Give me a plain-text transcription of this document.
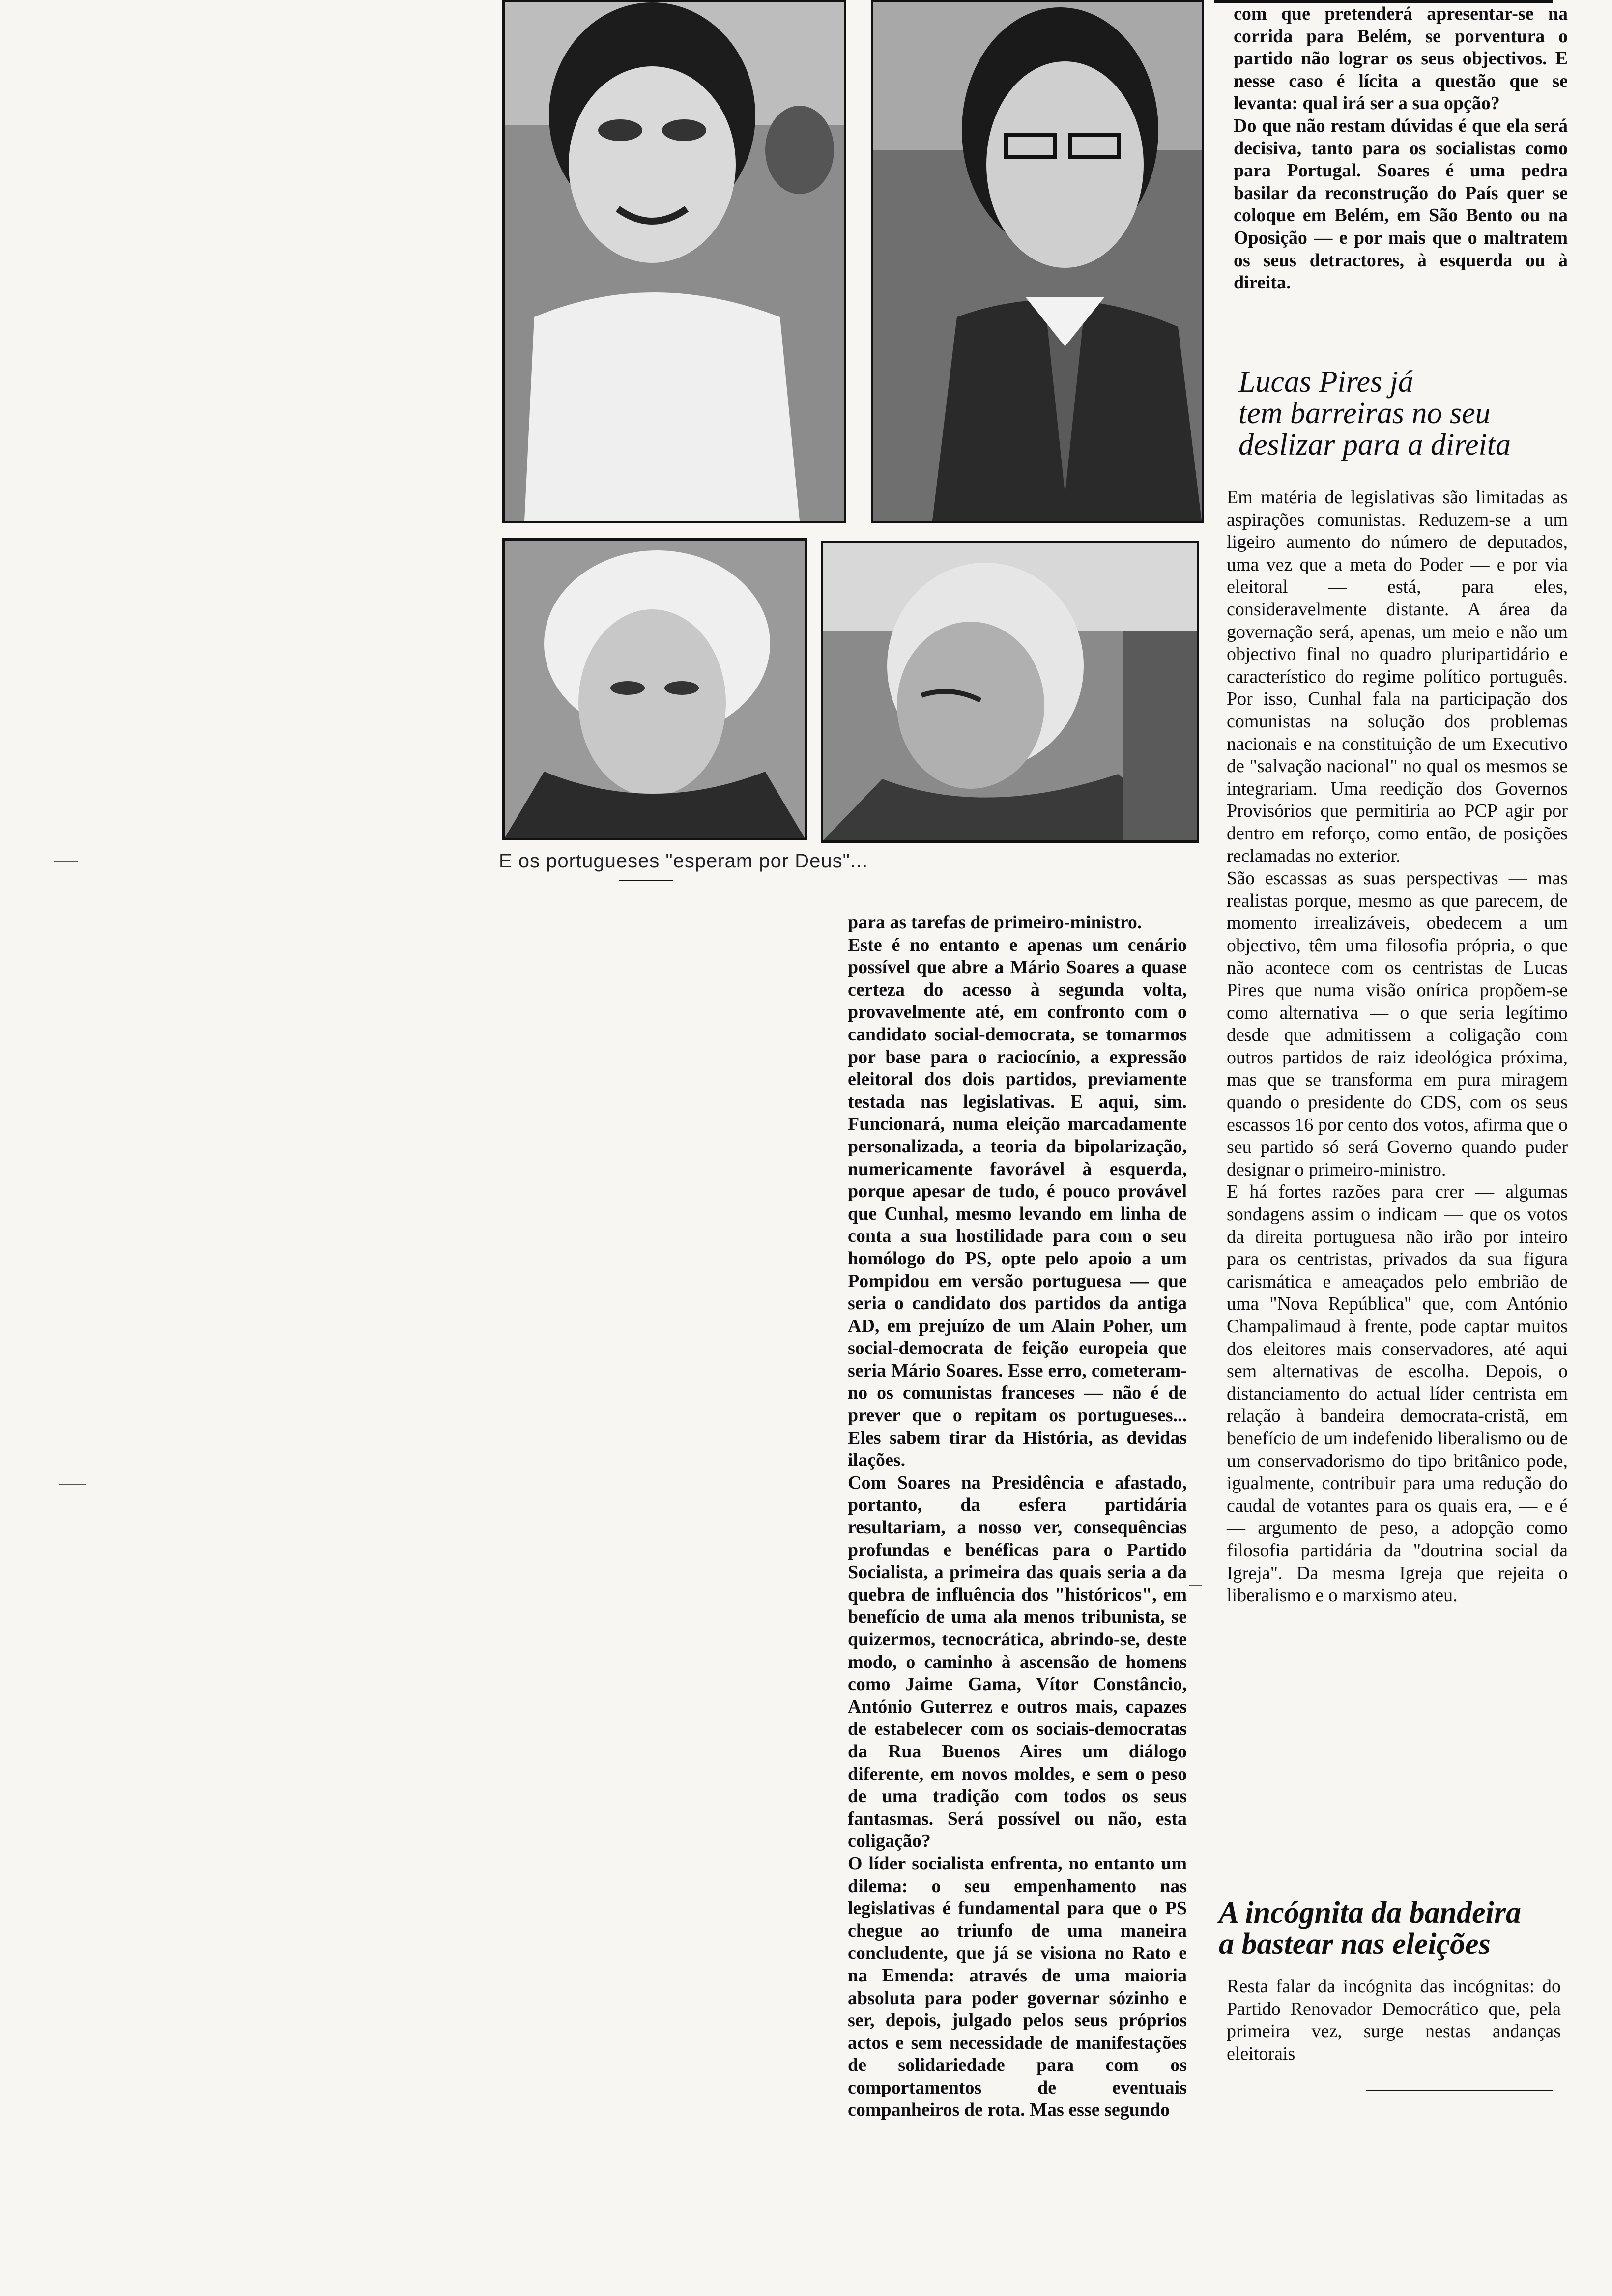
E os portugueses "esperam por Deus"...

com que pretenderá apresentar-se na corrida para Belém, se porventura o partido não lograr os seus objectivos. E nesse caso é lícita a questão que se levanta: qual irá ser a sua opção?
Do que não restam dúvidas é que ela será decisiva, tanto para os socialistas como para Portugal. Soares é uma pedra basilar da reconstrução do País quer se coloque em Belém, em São Bento ou na Oposição — e por mais que o maltratem os seus detractores, à esquerda ou à direita.

Lucas Pires já
tem barreiras no seu
deslizar para a direita

Em matéria de legislativas são limitadas as aspirações comunistas. Reduzem-se a um ligeiro aumento do número de deputados, uma vez que a meta do Poder — e por via eleitoral — está, para eles, consideravelmente distante. A área da governação será, apenas, um meio e não um objectivo final no quadro pluripartidário e característico do regime político português. Por isso, Cunhal fala na participação dos comunistas na solução dos problemas nacionais e na constituição de um Executivo de "salvação nacional" no qual os mesmos se integrariam. Uma reedição dos Governos Provisórios que permitiria ao PCP agir por dentro em reforço, como então, de posições reclamadas no exterior.
São escassas as suas perspectivas — mas realistas porque, mesmo as que parecem, de momento irrealizáveis, obedecem a um objectivo, têm uma filosofia própria, o que não acontece com os centristas de Lucas Pires que numa visão onírica propõem-se como alternativa — o que seria legítimo desde que admitissem a coligação com outros partidos de raiz ideológica próxima, mas que se transforma em pura miragem quando o presidente do CDS, com os seus escassos 16 por cento dos votos, afirma que o seu partido só será Governo quando puder designar o primeiro-ministro.
E há fortes razões para crer — algumas sondagens assim o indicam — que os votos da direita portuguesa não irão por inteiro para os centristas, privados da sua figura carismática e ameaçados pelo embrião de uma "Nova República" que, com António Champalimaud à frente, pode captar muitos dos eleitores mais conservadores, até aqui sem alternativas de escolha. Depois, o distanciamento do actual líder centrista em relação à bandeira democrata-cristã, em benefício de um indefenido liberalismo ou de um conservadorismo do tipo britânico pode, igualmente, contribuir para uma redução do caudal de votantes para os quais era, — e é — argumento de peso, a adopção como filosofia partidária da "doutrina social da Igreja". Da mesma Igreja que rejeita o liberalismo e o marxismo ateu.

A incógnita da bandeira
a bastear nas eleições

Resta falar da incógnita das incógnitas: do Partido Renovador Democrático que, pela primeira vez, surge nestas andanças eleitorais

para as tarefas de primeiro-ministro.
Este é no entanto e apenas um cenário possível que abre a Mário Soares a quase certeza do acesso à segunda volta, provavelmente até, em confronto com o candidato social-democrata, se tomarmos por base para o raciocínio, a expressão eleitoral dos dois partidos, previamente testada nas legislativas. E aqui, sim. Funcionará, numa eleição marcadamente personalizada, a teoria da bipolarização, numericamente favorável à esquerda, porque apesar de tudo, é pouco provável que Cunhal, mesmo levando em linha de conta a sua hostilidade para com o seu homólogo do PS, opte pelo apoio a um Pompidou em versão portuguesa — que seria o candidato dos partidos da antiga AD, em prejuízo de um Alain Poher, um social-democrata de feição europeia que seria Mário Soares. Esse erro, cometeram-no os comunistas franceses — não é de prever que o repitam os portugueses... Eles sabem tirar da História, as devidas ilações.
Com Soares na Presidência e afastado, portanto, da esfera partidária resultariam, a nosso ver, consequências profundas e benéficas para o Partido Socialista, a primeira das quais seria a da quebra de influência dos "históricos", em benefício de uma ala menos tribunista, se quizermos, tecnocrática, abrindo-se, deste modo, o caminho à ascensão de homens como Jaime Gama, Vítor Constâncio, António Guterrez e outros mais, capazes de estabelecer com os sociais-democratas da Rua Buenos Aires um diálogo diferente, em novos moldes, e sem o peso de uma tradição com todos os seus fantasmas. Será possível ou não, esta coligação?
O líder socialista enfrenta, no entanto um dilema: o seu empenhamento nas legislativas é fundamental para que o PS chegue ao triunfo de uma maneira concludente, que já se visiona no Rato e na Emenda: através de uma maioria absoluta para poder governar sózinho e ser, depois, julgado pelos seus próprios actos e sem necessidade de manifestações de solidariedade para com os comportamentos de eventuais companheiros de rota. Mas esse segundo
